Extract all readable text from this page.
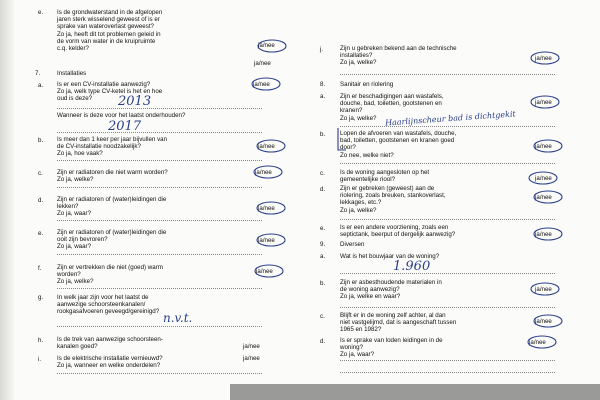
e. Is de grondwaterstand in de afgelopen
jaren sterk wisselend geweest of is er
sprake van wateroverlast geweest?
Zo ja, heeft dit tot problemen geleid in
de vorm van water in de kruipruimte
c.q. kelder?	ja/nee
ja/nee
7.	Installaties
a. Is er een CV-installatie aanwezig?
Zo ja, welk type CV-ketel is het en hoe
oud is deze?
ja/nee
2013
Wanneer is deze voor het laatst onderhouden?
2017
b. Is meer dan 1 keer per jaar bijvullen van
de CV-installatie noodzakelijk?
Zo ja, hoe vaak?
ja/nee
c. Zijn er radiatoren die niet warm worden?
Zo ja, welke?
ja/nee
d. Zijn er radiatoren of (water)leidingen die
lekken?
Zo ja, waar?
ja/nee
e. Zijn er radiatoren of (water)leidingen die
ooit zijn bevroren?
Zo ja, waar?
ja/nee
f.	Zijn er vertrekken die niet (goed) warm
worden?
Zo ja, welke?
ja/nee
g. In welk jaar zijn voor het laatst de
aanwezige schoorsteenkanalen/
rookgasafvoeren geveegd/gereinigd? n.v.t.
h. Is de trek van aanwezige schoorsteen-
kanalen goed?	ja/nee
i.	Is de elektrische installatie vernieuwd?
Zo ja, wanneer en welke onderdelen?
ja/nee
j.	Zijn u gebreken bekend aan de technische
installaties?
Zo ja, welke?
ja/nee
8. Sanitair en riolering
a. Zijn er beschadigingen aan wastafels,
douche, bad, toiletten, gootstenen en
kranen?
Zo ja, welke?
ja/nee
Haarlijnscheur bad is dichtgekit
b. Lopen de afvoeren van wastafels, douche,
bad, toiletten, gootstenen en kranen goed
door?
Zo nee, welke niet?
ja/nee
c. Is de woning aangesloten op het
gemeentelijke riool?	ja/nee
d. Zijn er gebreken (geweest) aan de
riolering, zoals breuken, stankoverlast,
lekkages, etc.?
Zo ja, welke?
ja/nee
e. Is er een andere voorziening, zoals een
septictank, beerput of dergelijk aanwezig?	ja/nee
9. Diversen
a. Wat is het bouwjaar van de woning?
1.960
b. Zijn er asbesthoudende materialen in
de woning aanwezig?
Zo ja, welke en waar?
ja/nee
c. Blijft er in de woning zelf achter, al dan
niet vastgelijmd, dat is aangeschaft tussen
1965 en 1982?
ja/nee
d. Is er sprake van loden leidingen in de
woning?
Zo ja, waar?
ja/nee
